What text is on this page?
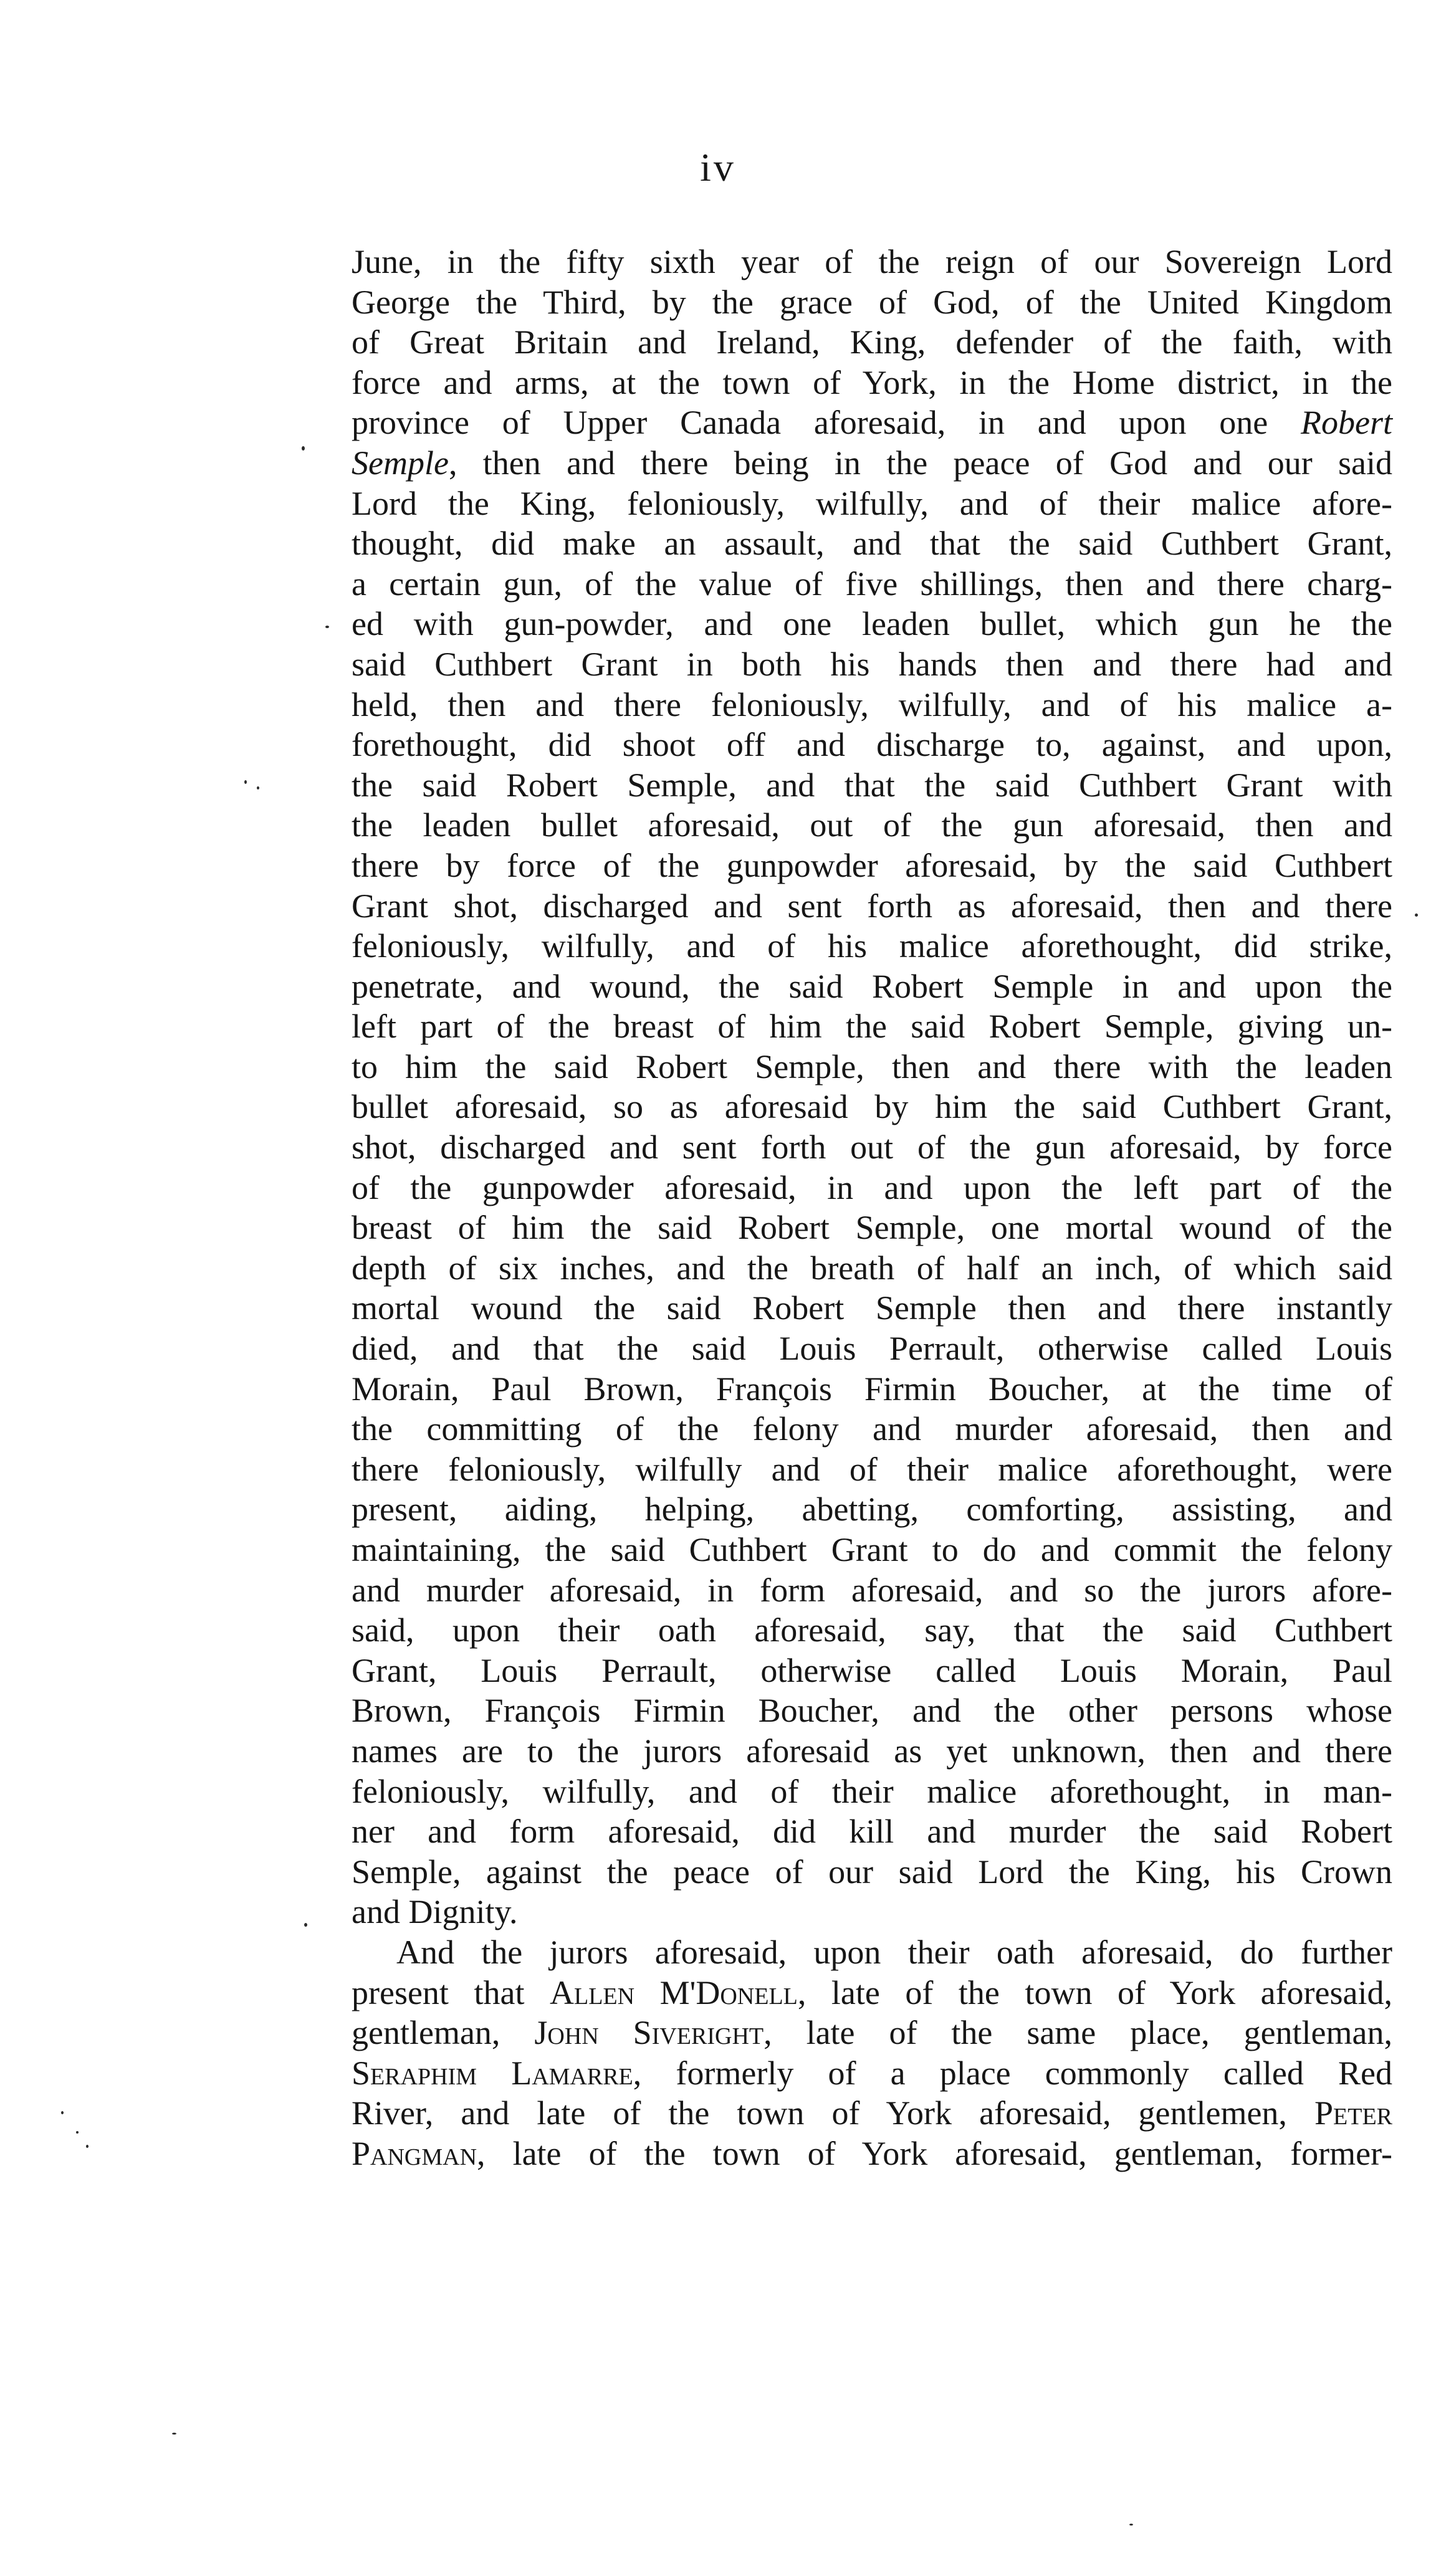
iv
June, in the fifty sixth year of the reign of our Sovereign Lord
George the Third, by the grace of God, of the United Kingdom
of Great Britain and Ireland, King, defender of the faith, with
force and arms, at the town of York, in the Home district, in the
province of Upper Canada aforesaid, in and upon one Robert
Semple, then and there being in the peace of God and our said
Lord the King, feloniously, wilfully, and of their malice afore-
thought, did make an assault, and that the said Cuthbert Grant,
a certain gun, of the value of five shillings, then and there charg-
ed with gun-powder, and one leaden bullet, which gun he the
said Cuthbert Grant in both his hands then and there had and
held, then and there feloniously, wilfully, and of his malice a-
forethought, did shoot off and discharge to, against, and upon,
the said Robert Semple, and that the said Cuthbert Grant with
the leaden bullet aforesaid, out of the gun aforesaid, then and
there by force of the gunpowder aforesaid, by the said Cuthbert
Grant shot, discharged and sent forth as aforesaid, then and there
feloniously, wilfully, and of his malice aforethought, did strike,
penetrate, and wound, the said Robert Semple in and upon the
left part of the breast of him the said Robert Semple, giving un-
to him the said Robert Semple, then and there with the leaden
bullet aforesaid, so as aforesaid by him the said Cuthbert Grant,
shot, discharged and sent forth out of the gun aforesaid, by force
of the gunpowder aforesaid, in and upon the left part of the
breast of him the said Robert Semple, one mortal wound of the
depth of six inches, and the breath of half an inch, of which said
mortal wound the said Robert Semple then and there instantly
died, and that the said Louis Perrault, otherwise called Louis
Morain, Paul Brown, François Firmin Boucher, at the time of
the committing of the felony and murder aforesaid, then and
there feloniously, wilfully and of their malice aforethought, were
present, aiding, helping, abetting, comforting, assisting, and
maintaining, the said Cuthbert Grant to do and commit the felony
and murder aforesaid, in form aforesaid, and so the jurors afore-
said, upon their oath aforesaid, say, that the said Cuthbert
Grant, Louis Perrault, otherwise called Louis Morain, Paul
Brown, François Firmin Boucher, and the other persons whose
names are to the jurors aforesaid as yet unknown, then and there
feloniously, wilfully, and of their malice aforethought, in man-
ner and form aforesaid, did kill and murder the said Robert
Semple, against the peace of our said Lord the King, his Crown
and Dignity.
And the jurors aforesaid, upon their oath aforesaid, do further
present that Allen M'Donell, late of the town of York aforesaid,
gentleman, John Siveright, late of the same place, gentleman,
Seraphim Lamarre, formerly of a place commonly called Red
River, and late of the town of York aforesaid, gentlemen, Peter
Pangman, late of the town of York aforesaid, gentleman, former-
